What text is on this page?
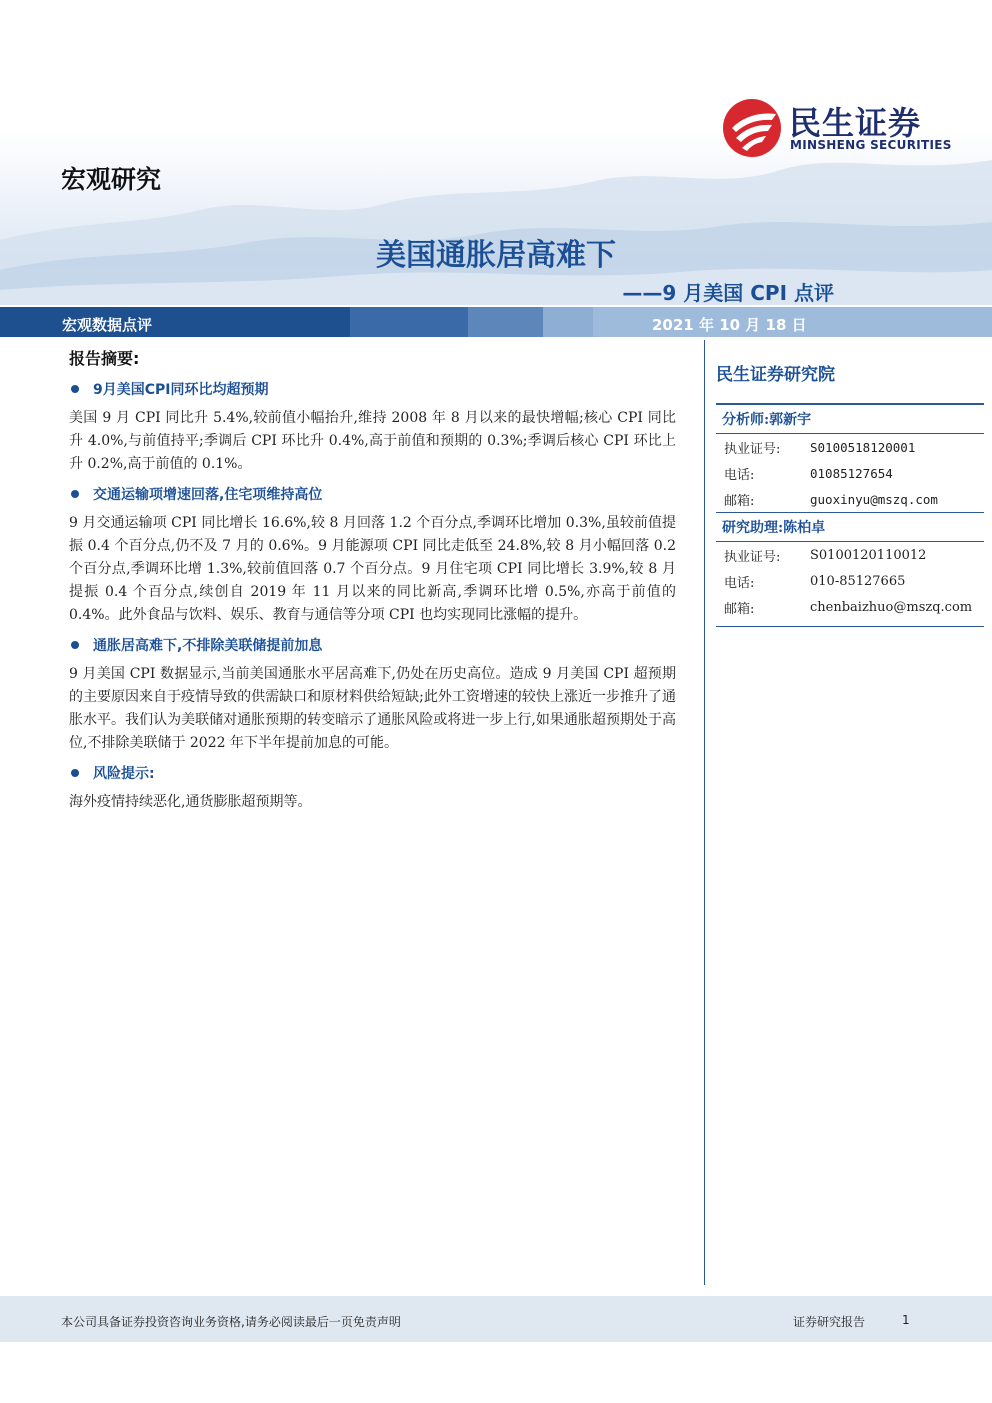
民生证券
MINSHENG SECURITIES
宏观研究
美国通胀居高难下
——9 月美国 CPI 点评
宏观数据点评	2021 年 10 月 18 日
报告摘要:
9月美国CPI同环比均超预期

美国 9 月 CPI 同比升 5.4%,较前值小幅抬升,维持 2008 年 8 月以来的最快增幅;核心 CPI 同比升 4.0%,与前值持平;季调后 CPI 环比升 0.4%,高于前值和预期的 0.3%;季调后核心 CPI 环比上升 0.2%,高于前值的 0.1%。

交通运输项增速回落,住宅项维持高位

9 月交通运输项 CPI 同比增长 16.6%,较 8 月回落 1.2 个百分点,季调环比增加 0.3%,虽较前值提振 0.4 个百分点,仍不及 7 月的 0.6%。9 月能源项 CPI 同比走低至 24.8%,较 8 月小幅回落 0.2 个百分点,季调环比增 1.3%,较前值回落 0.7 个百分点。9 月住宅项 CPI 同比增长 3.9%,较 8 月提振 0.4 个百分点,续创自 2019 年 11 月以来的同比新高,季调环比增 0.5%,亦高于前值的 0.4%。此外食品与饮料、娱乐、教育与通信等分项 CPI 也均实现同比涨幅的提升。

通胀居高难下,不排除美联储提前加息

9 月美国 CPI 数据显示,当前美国通胀水平居高难下,仍处在历史高位。造成 9 月美国 CPI 超预期的主要原因来自于疫情导致的供需缺口和原材料供给短缺;此外工资增速的较快上涨近一步推升了通胀水平。我们认为美联储对通胀预期的转变暗示了通胀风险或将进一步上行,如果通胀超预期处于高位,不排除美联储于 2022 年下半年提前加息的可能。

风险提示:

海外疫情持续恶化,通货膨胀超预期等。

民生证券研究院
分析师:郭新宇
执业证号:	S0100518120001
电话:	01085127654
邮箱:	guoxinyu@mszq.com
研究助理:陈柏卓
执业证号:	S0100120110012
电话:	010-85127665
邮箱:	chenbaizhuo@mszq.com
本公司具备证券投资咨询业务资格,请务必阅读最后一页免责声明	证券研究报告	1
